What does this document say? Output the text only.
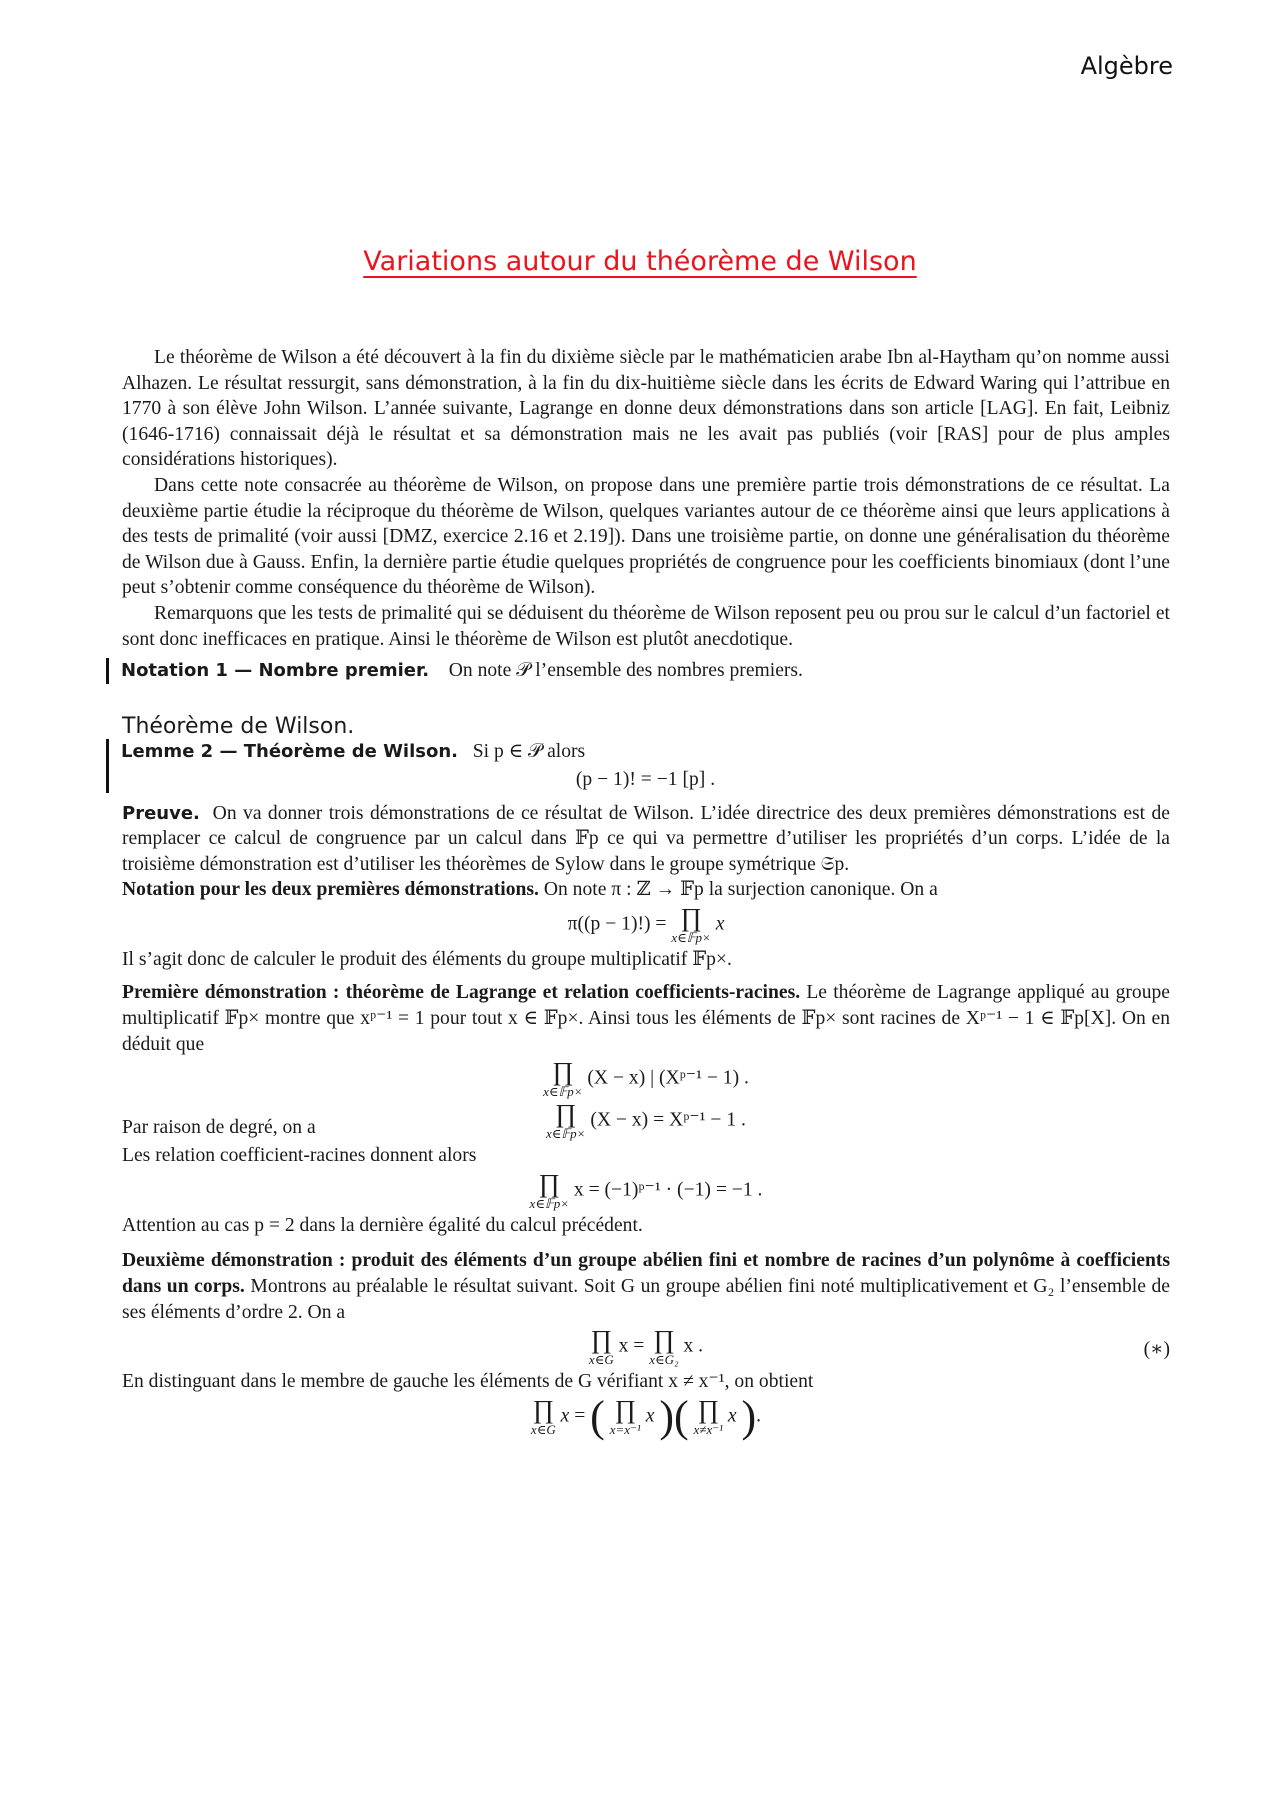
Algèbre
Variations autour du théorème de Wilson

Le théorème de Wilson a été découvert à la fin du dixième siècle par le mathématicien arabe Ibn al-Haytham qu’on nomme aussi Alhazen. Le résultat ressurgit, sans démonstration, à la fin du dix-huitième siècle dans les écrits de Edward Waring qui l’attribue en 1770 à son élève John Wilson. L’année suivante, Lagrange en donne deux démonstrations dans son article [LAG]. En fait, Leibniz (1646-1716) connaissait déjà le résultat et sa démonstration mais ne les avait pas publiés (voir [RAS] pour de plus amples considérations historiques).

Dans cette note consacrée au théorème de Wilson, on propose dans une première partie trois démonstrations de ce résultat. La deuxième partie étudie la réciproque du théorème de Wilson, quelques variantes autour de ce théorème ainsi que leurs applications à des tests de primalité (voir aussi [DMZ, exercice 2.16 et 2.19]). Dans une troisième partie, on donne une généralisation du théorème de Wilson due à Gauss. Enfin, la dernière partie étudie quelques propriétés de congruence pour les coefficients binomiaux (dont l’une peut s’obtenir comme conséquence du théorème de Wilson).

Remarquons que les tests de primalité qui se déduisent du théorème de Wilson reposent peu ou prou sur le calcul d’un factoriel et sont donc inefficaces en pratique. Ainsi le théorème de Wilson est plutôt anecdotique.

Notation 1 — Nombre premier. On note 𝒫 l’ensemble des nombres premiers.

Théorème de Wilson.
Lemme 2 — Théorème de Wilson. Si p ∈ 𝒫 alors
(p − 1)! = −1 [p] .

Preuve. On va donner trois démonstrations de ce résultat de Wilson. L’idée directrice des deux premières démonstrations est de remplacer ce calcul de congruence par un calcul dans 𝔽p ce qui va permettre d’utiliser les propriétés d’un corps. L’idée de la troisième démonstration est d’utiliser les théorèmes de Sylow dans le groupe symétrique 𝔖p.

Notation pour les deux premières démonstrations. On note π : ℤ → 𝔽p la surjection canonique. On a

π((p − 1)!) = ∏
x∈𝔽p×
x

Il s’agit donc de calculer le produit des éléments du groupe multiplicatif 𝔽p×.

Première démonstration : théorème de Lagrange et relation coefficients-racines. Le théorème de Lagrange appliqué au groupe multiplicatif 𝔽p× montre que xᵖ⁻¹ = 1 pour tout x ∈ 𝔽p×. Ainsi tous les éléments de 𝔽p× sont racines de Xᵖ⁻¹ − 1 ∈ 𝔽p[X]. On en déduit que

∏
x∈𝔽p×
(X − x) | (Xᵖ⁻¹ − 1) .
Par raison de degré, on a	∏
x∈𝔽p×
(X − x) = Xᵖ⁻¹ − 1 .

Les relation coefficient-racines donnent alors

∏
x∈𝔽p×
x = (−1)ᵖ⁻¹ · (−1) = −1 .

Attention au cas p = 2 dans la dernière égalité du calcul précédent.

Deuxième démonstration : produit des éléments d’un groupe abélien fini et nombre de racines d’un polynôme à coefficients dans un corps. Montrons au préalable le résultat suivant. Soit G un groupe abélien fini noté multiplicativement et G₂ l’ensemble de ses éléments d’ordre 2. On a

∏
x∈G
x = ∏
x∈G₂
x .	(∗)

En distinguant dans le membre de gauche les éléments de G vérifiant x ≠ x⁻¹, on obtient

∏
x∈G
x = ( ∏
x=x⁻¹
x )( ∏
x≠x⁻¹
x ).
